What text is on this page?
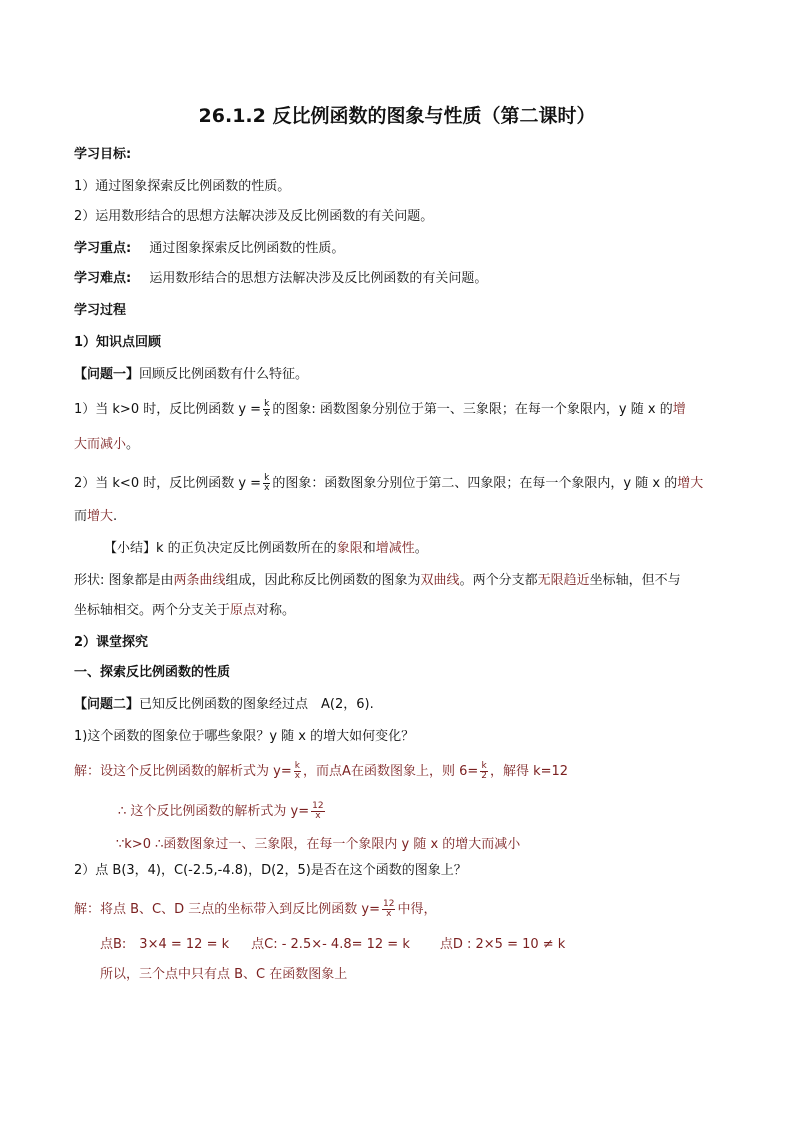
26.1.2 反比例函数的图象与性质（第二课时）
学习目标:
1）通过图象探索反比例函数的性质。
2）运用数形结合的思想方法解决涉及反比例函数的有关问题。
学习重点: 通过图象探索反比例函数的性质。
学习难点: 运用数形结合的思想方法解决涉及反比例函数的有关问题。
学习过程
1）知识点回顾
【问题一】回顾反比例函数有什么特征。
1）当 k>0 时，反比例函数 $y = \frac{k}{x}$ 的图象: 函数图象分别位于第一、三象限；在每一个象限内，y 随 x 的增
大而减小。
2）当 k<0 时，反比例函数 $y = \frac{k}{x}$ 的图象：函数图象分别位于第二、四象限；在每一个象限内，y 随 x 的增大
而增大.
【小结】k 的正负决定反比例函数所在的象限和增减性。
形状: 图象都是由两条曲线组成，因此称反比例函数的图象为双曲线。两个分支都无限趋近坐标轴，但不与
坐标轴相交。两个分支关于原点对称。
2）课堂探究
一、探索反比例函数的性质
【问题二】已知反比例函数的图象经过点　A(2，6).
1)这个函数的图象位于哪些象限？y 随 x 的增大如何变化？
解：设这个反比例函数的解析式为 $y= \frac{k}{x}$ ，而点A在函数图象上，则 $6= \frac{k}{2}$ ，解得 k=12
∴ 这个反比例函数的解析式为 $y= \frac{12}{x}$
∵k>0 ∴函数图象过一、三象限，在每一个象限内 y 随 x 的增大而减小
2）点 B(3，4)，C(-2.5,-4.8)，D(2，5)是否在这个函数的图象上？
解：将点 B、C、D 三点的坐标带入到反比例函数 $y= \frac{12}{x}$ 中得，
点B:　3×4 = 12 = k 点C: - 2.5×- 4.8= 12 = k 点D : 2×5 = 10 ≠ k
所以，三个点中只有点 B、C 在函数图象上
